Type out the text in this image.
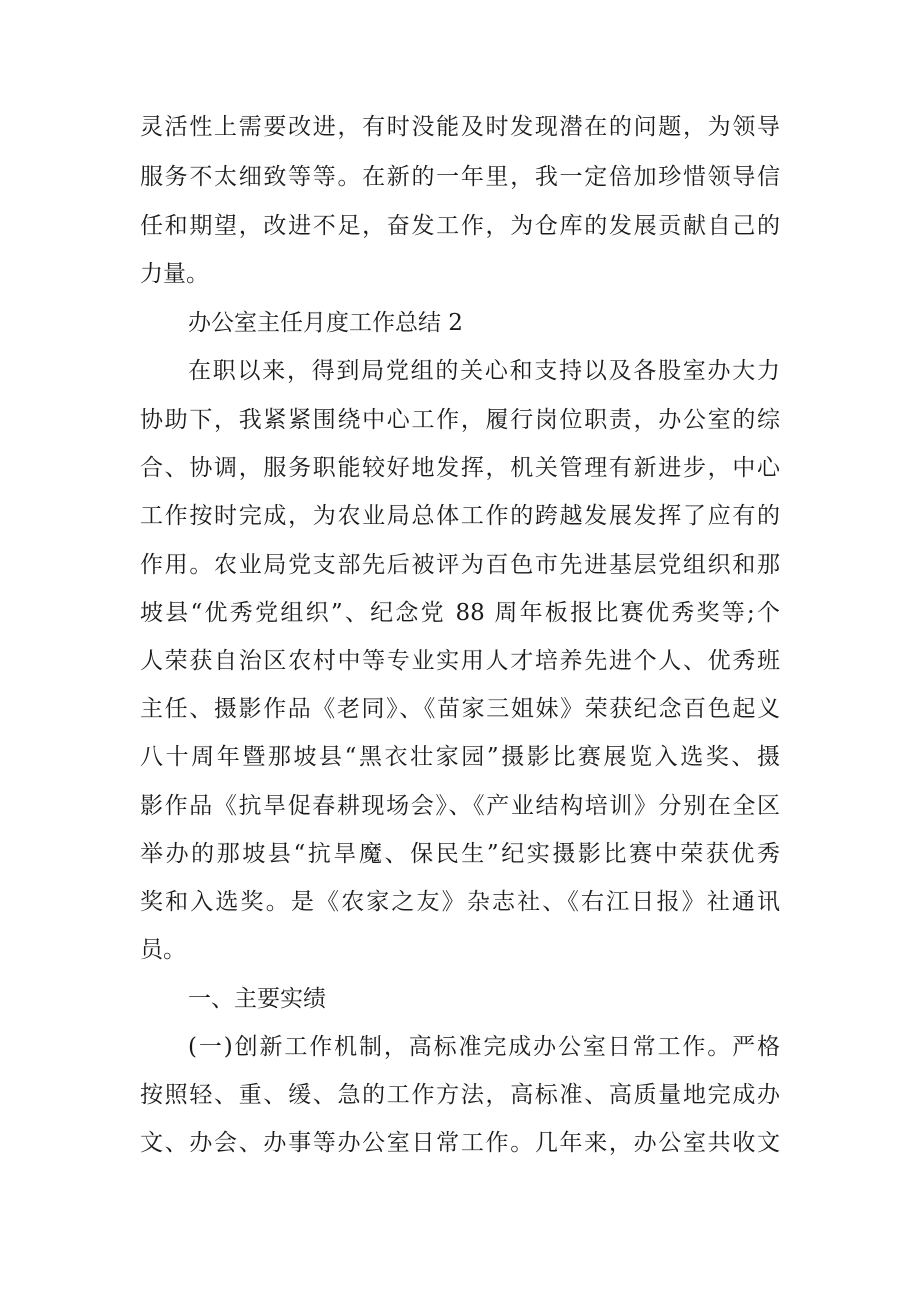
灵活性上需要改进，有时没能及时发现潜在的问题，为领导
服务不太细致等等。在新的一年里，我一定倍加珍惜领导信
任和期望，改进不足，奋发工作，为仓库的发展贡献自己的
力量。
办公室主任月度工作总结 2
在职以来，得到局党组的关心和支持以及各股室办大力
协助下，我紧紧围绕中心工作，履行岗位职责，办公室的综
合、协调，服务职能较好地发挥，机关管理有新进步，中心
工作按时完成，为农业局总体工作的跨越发展发挥了应有的
作用。农业局党支部先后被评为百色市先进基层党组织和那
坡县“优秀党组织”、纪念党 88 周年板报比赛优秀奖等;个
人荣获自治区农村中等专业实用人才培养先进个人、优秀班
主任、摄影作品《老同》、《苗家三姐妹》荣获纪念百色起义
八十周年暨那坡县“黑衣壮家园”摄影比赛展览入选奖、摄
影作品《抗旱促春耕现场会》、《产业结构培训》分别在全区
举办的那坡县“抗旱魔、保民生”纪实摄影比赛中荣获优秀
奖和入选奖。是《农家之友》杂志社、《右江日报》社通讯
员。
一、主要实绩
(一)创新工作机制，高标准完成办公室日常工作。严格
按照轻、重、缓、急的工作方法，高标准、高质量地完成办
文、办会、办事等办公室日常工作。几年来，办公室共收文
